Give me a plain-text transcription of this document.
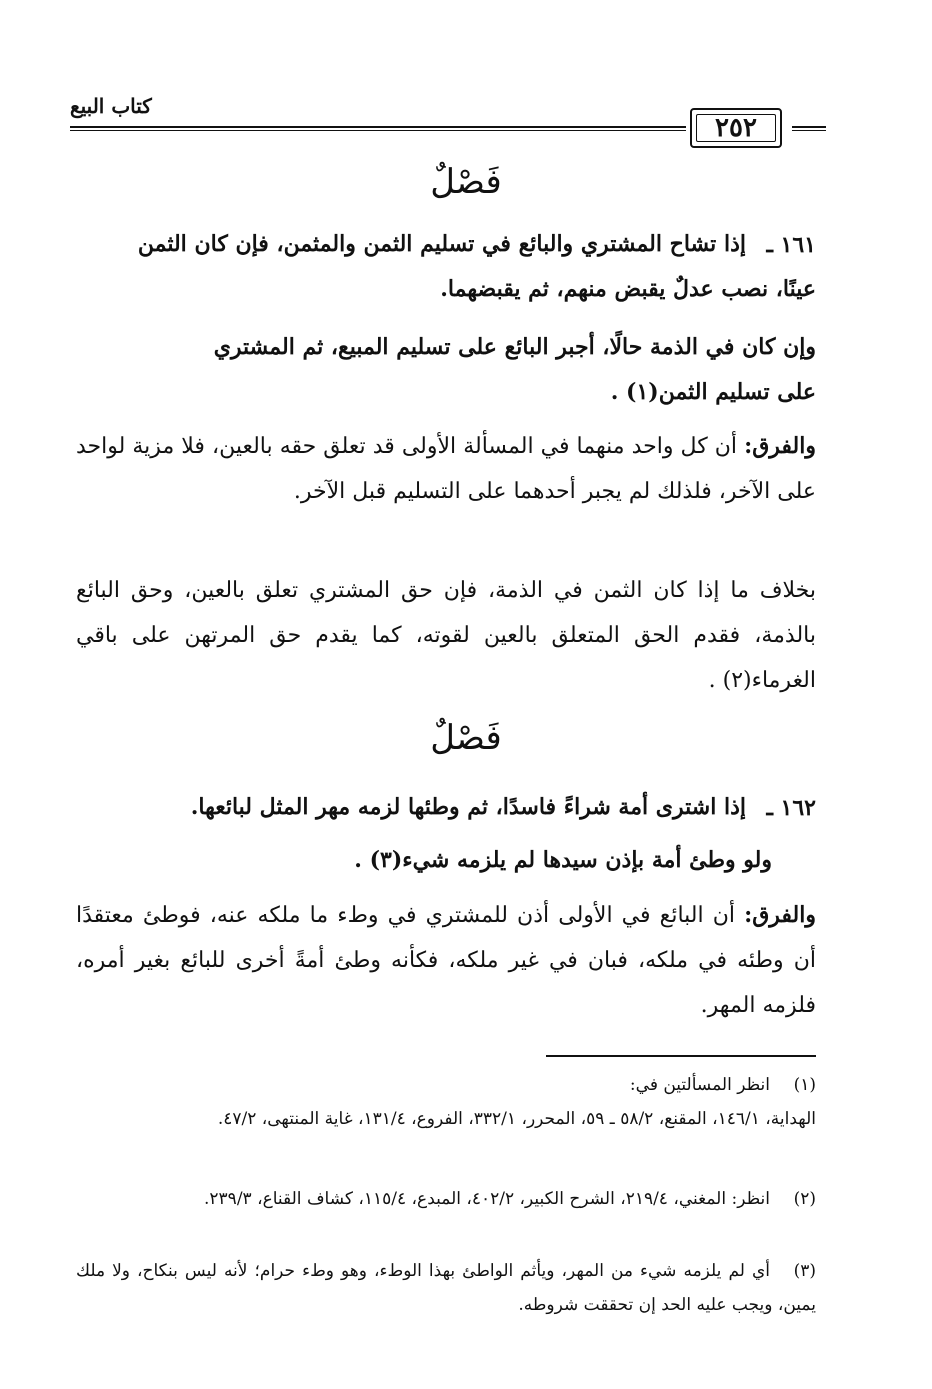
كتاب البيع
٢٥٢
فَصْلٌ
١٦١ ـ
إذا تشاح المشتري والبائع في تسليم الثمن والمثمن، فإن كان الثمن
عينًا، نصب عدلٌ يقبض منهم، ثم يقبضهما.
وإن كان في الذمة حالًا، أجبر البائع على تسليم المبيع، ثم المشتري
على تسليم الثمن(١) .
والفرق: أن كل واحد منهما في المسألة الأولى قد تعلق حقه بالعين، فلا مزية لواحد على الآخر، فلذلك لم يجبر أحدهما على التسليم قبل الآخر.
بخلاف ما إذا كان الثمن في الذمة، فإن حق المشتري تعلق بالعين، وحق البائع بالذمة، فقدم الحق المتعلق بالعين لقوته، كما يقدم حق المرتهن على باقي الغرماء(٢) .
فَصْلٌ
١٦٢ ـ
إذا اشترى أمة شراءً فاسدًا، ثم وطئها لزمه مهر المثل لبائعها.
ولو وطئ أمة بإذن سيدها لم يلزمه شيء(٣) .
والفرق: أن البائع في الأولى أذن للمشتري في وطء ما ملكه عنه، فوطئ معتقدًا أن وطئه في ملكه، فبان في غير ملكه، فكأنه وطئ أمةً أخرى للبائع بغير أمره، فلزمه المهر.
(١)انظر المسألتين في:
الهداية، ١٤٦/١، المقنع، ٥٨/٢ ـ ٥٩، المحرر، ٣٣٢/١، الفروع، ١٣١/٤، غاية المنتهى، ٤٧/٢.
(٢)انظر: المغني، ٢١٩/٤، الشرح الكبير، ٤٠٢/٢، المبدع، ١١٥/٤، كشاف القناع، ٢٣٩/٣.
(٣)أي لم يلزمه شيء من المهر، ويأثم الواطئ بهذا الوطء، وهو وطء حرام؛ لأنه ليس بنكاح، ولا ملك يمين، ويجب عليه الحد إن تحققت شروطه.
